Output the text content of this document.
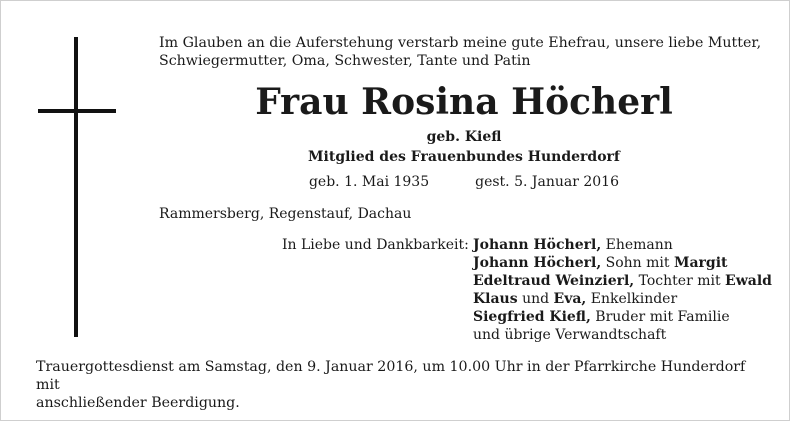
Im Glauben an die Auferstehung verstarb meine gute Ehefrau, unsere liebe Mutter,
Schwiegermutter, Oma, Schwester, Tante und Patin
Frau Rosina Höcherl
geb. Kiefl
Mitglied des Frauenbundes Hunderdorf
geb. 1. Mai 1935	gest. 5. Januar 2016
Rammersberg, Regenstauf, Dachau
In Liebe und Dankbarkeit: Johann Höcherl, Ehemann
Johann Höcherl, Sohn mit Margit
Edeltraud Weinzierl, Tochter mit Ewald
Klaus und Eva, Enkelkinder
Siegfried Kiefl, Bruder mit Familie
und übrige Verwandtschaft
Trauergottesdienst am Samstag, den 9. Januar 2016, um 10.00 Uhr in der Pfarrkirche Hunderdorf mit
anschließender Beerdigung.
